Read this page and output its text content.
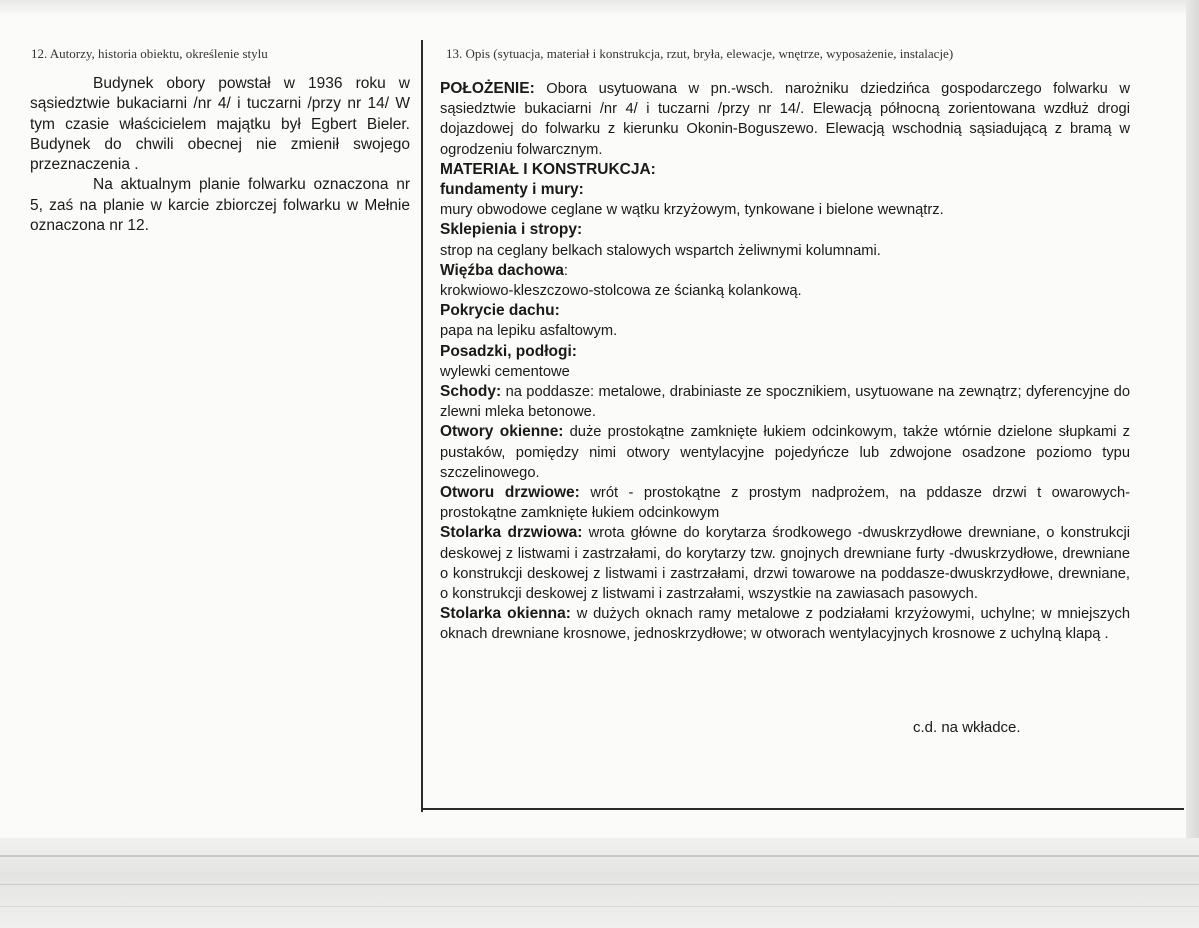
12. Autorzy, historia obiektu, określenie stylu	13. Opis (sytuacja, materiał i konstrukcja, rzut, bryła, elewacje, wnętrze, wyposażenie, instalacje)

Budynek obory powstał w 1936 roku w sąsiedztwie bukaciarni /nr 4/ i tuczarni /przy nr 14/ W tym czasie właścicielem majątku był Egbert Bieler. Budynek do chwili obecnej nie zmienił swojego przeznaczenia .

Na aktualnym planie folwarku oznaczona nr 5, zaś na planie w karcie zbiorczej folwarku w Mełnie oznaczona nr 12.

POŁOŻENIE: Obora usytuowana w pn.-wsch. narożniku dziedzińca gospodarczego folwarku w sąsiedztwie bukaciarni /nr 4/ i tuczarni /przy nr 14/. Elewacją północną zorientowana wzdłuż drogi dojazdowej do folwarku z kierunku Okonin-Boguszewo. Elewacją wschodnią sąsiadującą z bramą w ogrodzeniu folwarcznym.

MATERIAŁ I KONSTRUKCJA:

fundamenty i mury:

mury obwodowe ceglane w wątku krzyżowym, tynkowane i bielone wewnątrz.

Sklepienia i stropy:

strop na ceglany belkach stalowych wspartch żeliwnymi kolumnami.

Więźba dachowa:

krokwiowo-kleszczowo-stolcowa ze ścianką kolankową.

Pokrycie dachu:

papa na lepiku asfaltowym.

Posadzki, podłogi:

wylewki cementowe

Schody: na poddasze: metalowe, drabiniaste ze spocznikiem, usytuowane na zewnątrz; dyferencyjne do zlewni mleka betonowe.

Otwory okienne: duże prostokątne zamknięte łukiem odcinkowym, także wtórnie dzielone słupkami z pustaków, pomiędzy nimi otwory wentylacyjne pojedyńcze lub zdwojone osadzone poziomo typu szczelinowego.

Otworu drzwiowe: wrót - prostokątne z prostym nadprożem, na pddasze drzwi t owarowych- prostokątne zamknięte łukiem odcinkowym

Stolarka drzwiowa: wrota główne do korytarza środkowego -dwuskrzydłowe drewniane, o konstrukcji deskowej z listwami i zastrzałami, do korytarzy tzw. gnojnych drewniane furty -dwuskrzydłowe, drewniane o konstrukcji deskowej z listwami i zastrzałami, drzwi towarowe na poddasze-dwuskrzydłowe, drewniane, o konstrukcji deskowej z listwami i zastrzałami, wszystkie na zawiasach pasowych.

Stolarka okienna: w dużych oknach ramy metalowe z podziałami krzyżowymi, uchylne; w mniejszych oknach drewniane krosnowe, jednoskrzydłowe; w otworach wentylacyjnych krosnowe z uchylną klapą .

c.d. na wkładce.
